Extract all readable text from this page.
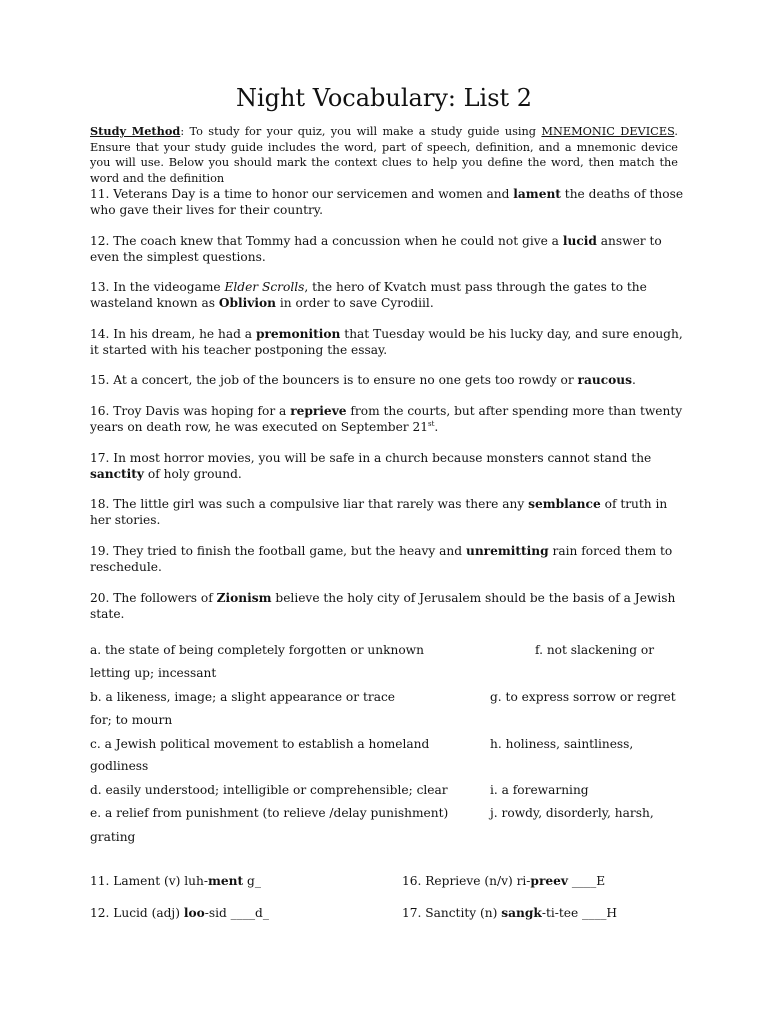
Night Vocabulary: List 2
Study Method: To study for your quiz, you will make a study guide using MNEMONIC DEVICES. Ensure that your study guide includes the word, part of speech, definition, and a mnemonic device you will use. Below you should mark the context clues to help you define the word, then match the word and the definition
11. Veterans Day is a time to honor our servicemen and women and lament the deaths of those who gave their lives for their country.
12. The coach knew that Tommy had a concussion when he could not give a lucid answer to even the simplest questions.
13. In the videogame Elder Scrolls, the hero of Kvatch must pass through the gates to the wasteland known as Oblivion in order to save Cyrodiil.
14. In his dream, he had a premonition that Tuesday would be his lucky day, and sure enough, it started with his teacher postponing the essay.
15. At a concert, the job of the bouncers is to ensure no one gets too rowdy or raucous.
16. Troy Davis was hoping for a reprieve from the courts, but after spending more than twenty years on death row, he was executed on September 21st.
17. In most horror movies, you will be safe in a church because monsters cannot stand the sanctity of holy ground.
18. The little girl was such a compulsive liar that rarely was there any semblance of truth in her stories.
19. They tried to finish the football game, but the heavy and unremitting rain forced them to reschedule.
20. The followers of Zionism believe the holy city of Jerusalem should be the basis of a Jewish state.
a. the state of being completely forgotten or unknown	f. not slackening or
letting up; incessant
b. a likeness, image; a slight appearance or trace	g. to express sorrow or regret
for; to mourn
c. a Jewish political movement to establish a homeland	h. holiness, saintliness,
godliness
d. easily understood; intelligible or comprehensible; clear	i. a forewarning
e. a relief from punishment (to relieve /delay punishment)	j. rowdy, disorderly, harsh,
grating
11. Lament (v) luh-ment g_	16. Reprieve (n/v) ri-preev ____E
12. Lucid (adj) loo-sid ____d_	17. Sanctity (n) sangk-ti-tee ____H
